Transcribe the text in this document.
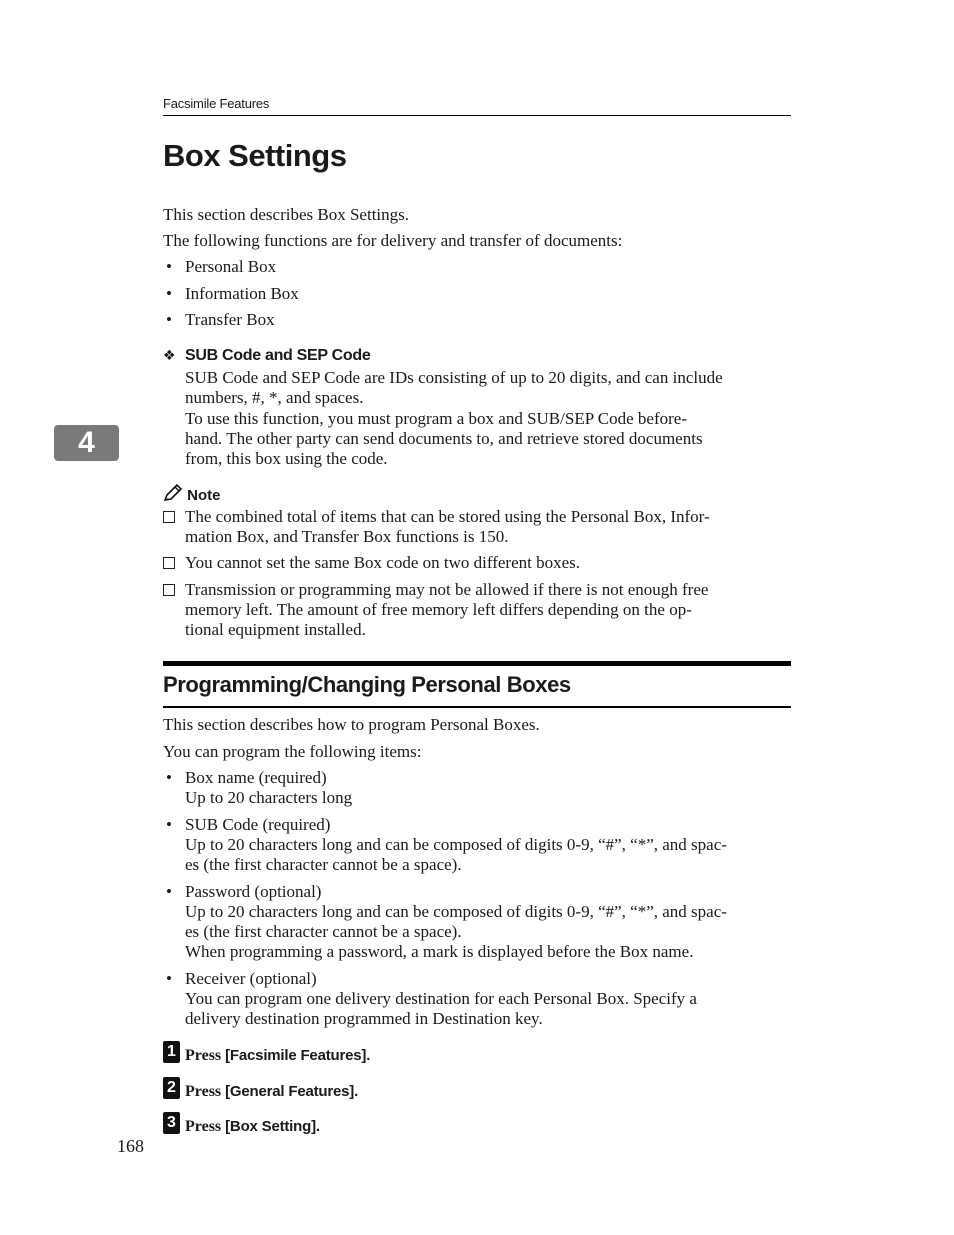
Facsimile Features
Box Settings
This section describes Box Settings.
The following functions are for delivery and transfer of documents:
• Personal Box
• Information Box
• Transfer Box
❖ SUB Code and SEP Code
SUB Code and SEP Code are IDs consisting of up to 20 digits, and can include
numbers, #, *, and spaces.
To use this function, you must program a box and SUB/SEP Code before-
hand. The other party can send documents to, and retrieve stored documents
from, this box using the code.
Note
The combined total of items that can be stored using the Personal Box, Infor-
mation Box, and Transfer Box functions is 150.
You cannot set the same Box code on two different boxes.
Transmission or programming may not be allowed if there is not enough free
memory left. The amount of free memory left differs depending on the op-
tional equipment installed.
Programming/Changing Personal Boxes
This section describes how to program Personal Boxes.
You can program the following items:
• Box name (required)
Up to 20 characters long
• SUB Code (required)
Up to 20 characters long and can be composed of digits 0-9, “#”, “*”, and spac-
es (the first character cannot be a space).
• Password (optional)
Up to 20 characters long and can be composed of digits 0-9, “#”, “*”, and spac-
es (the first character cannot be a space).
When programming a password, a mark is displayed before the Box name.
• Receiver (optional)
You can program one delivery destination for each Personal Box. Specify a
delivery destination programmed in Destination key.
1 Press [Facsimile Features].
2 Press [General Features].
3 Press [Box Setting].
168
4
